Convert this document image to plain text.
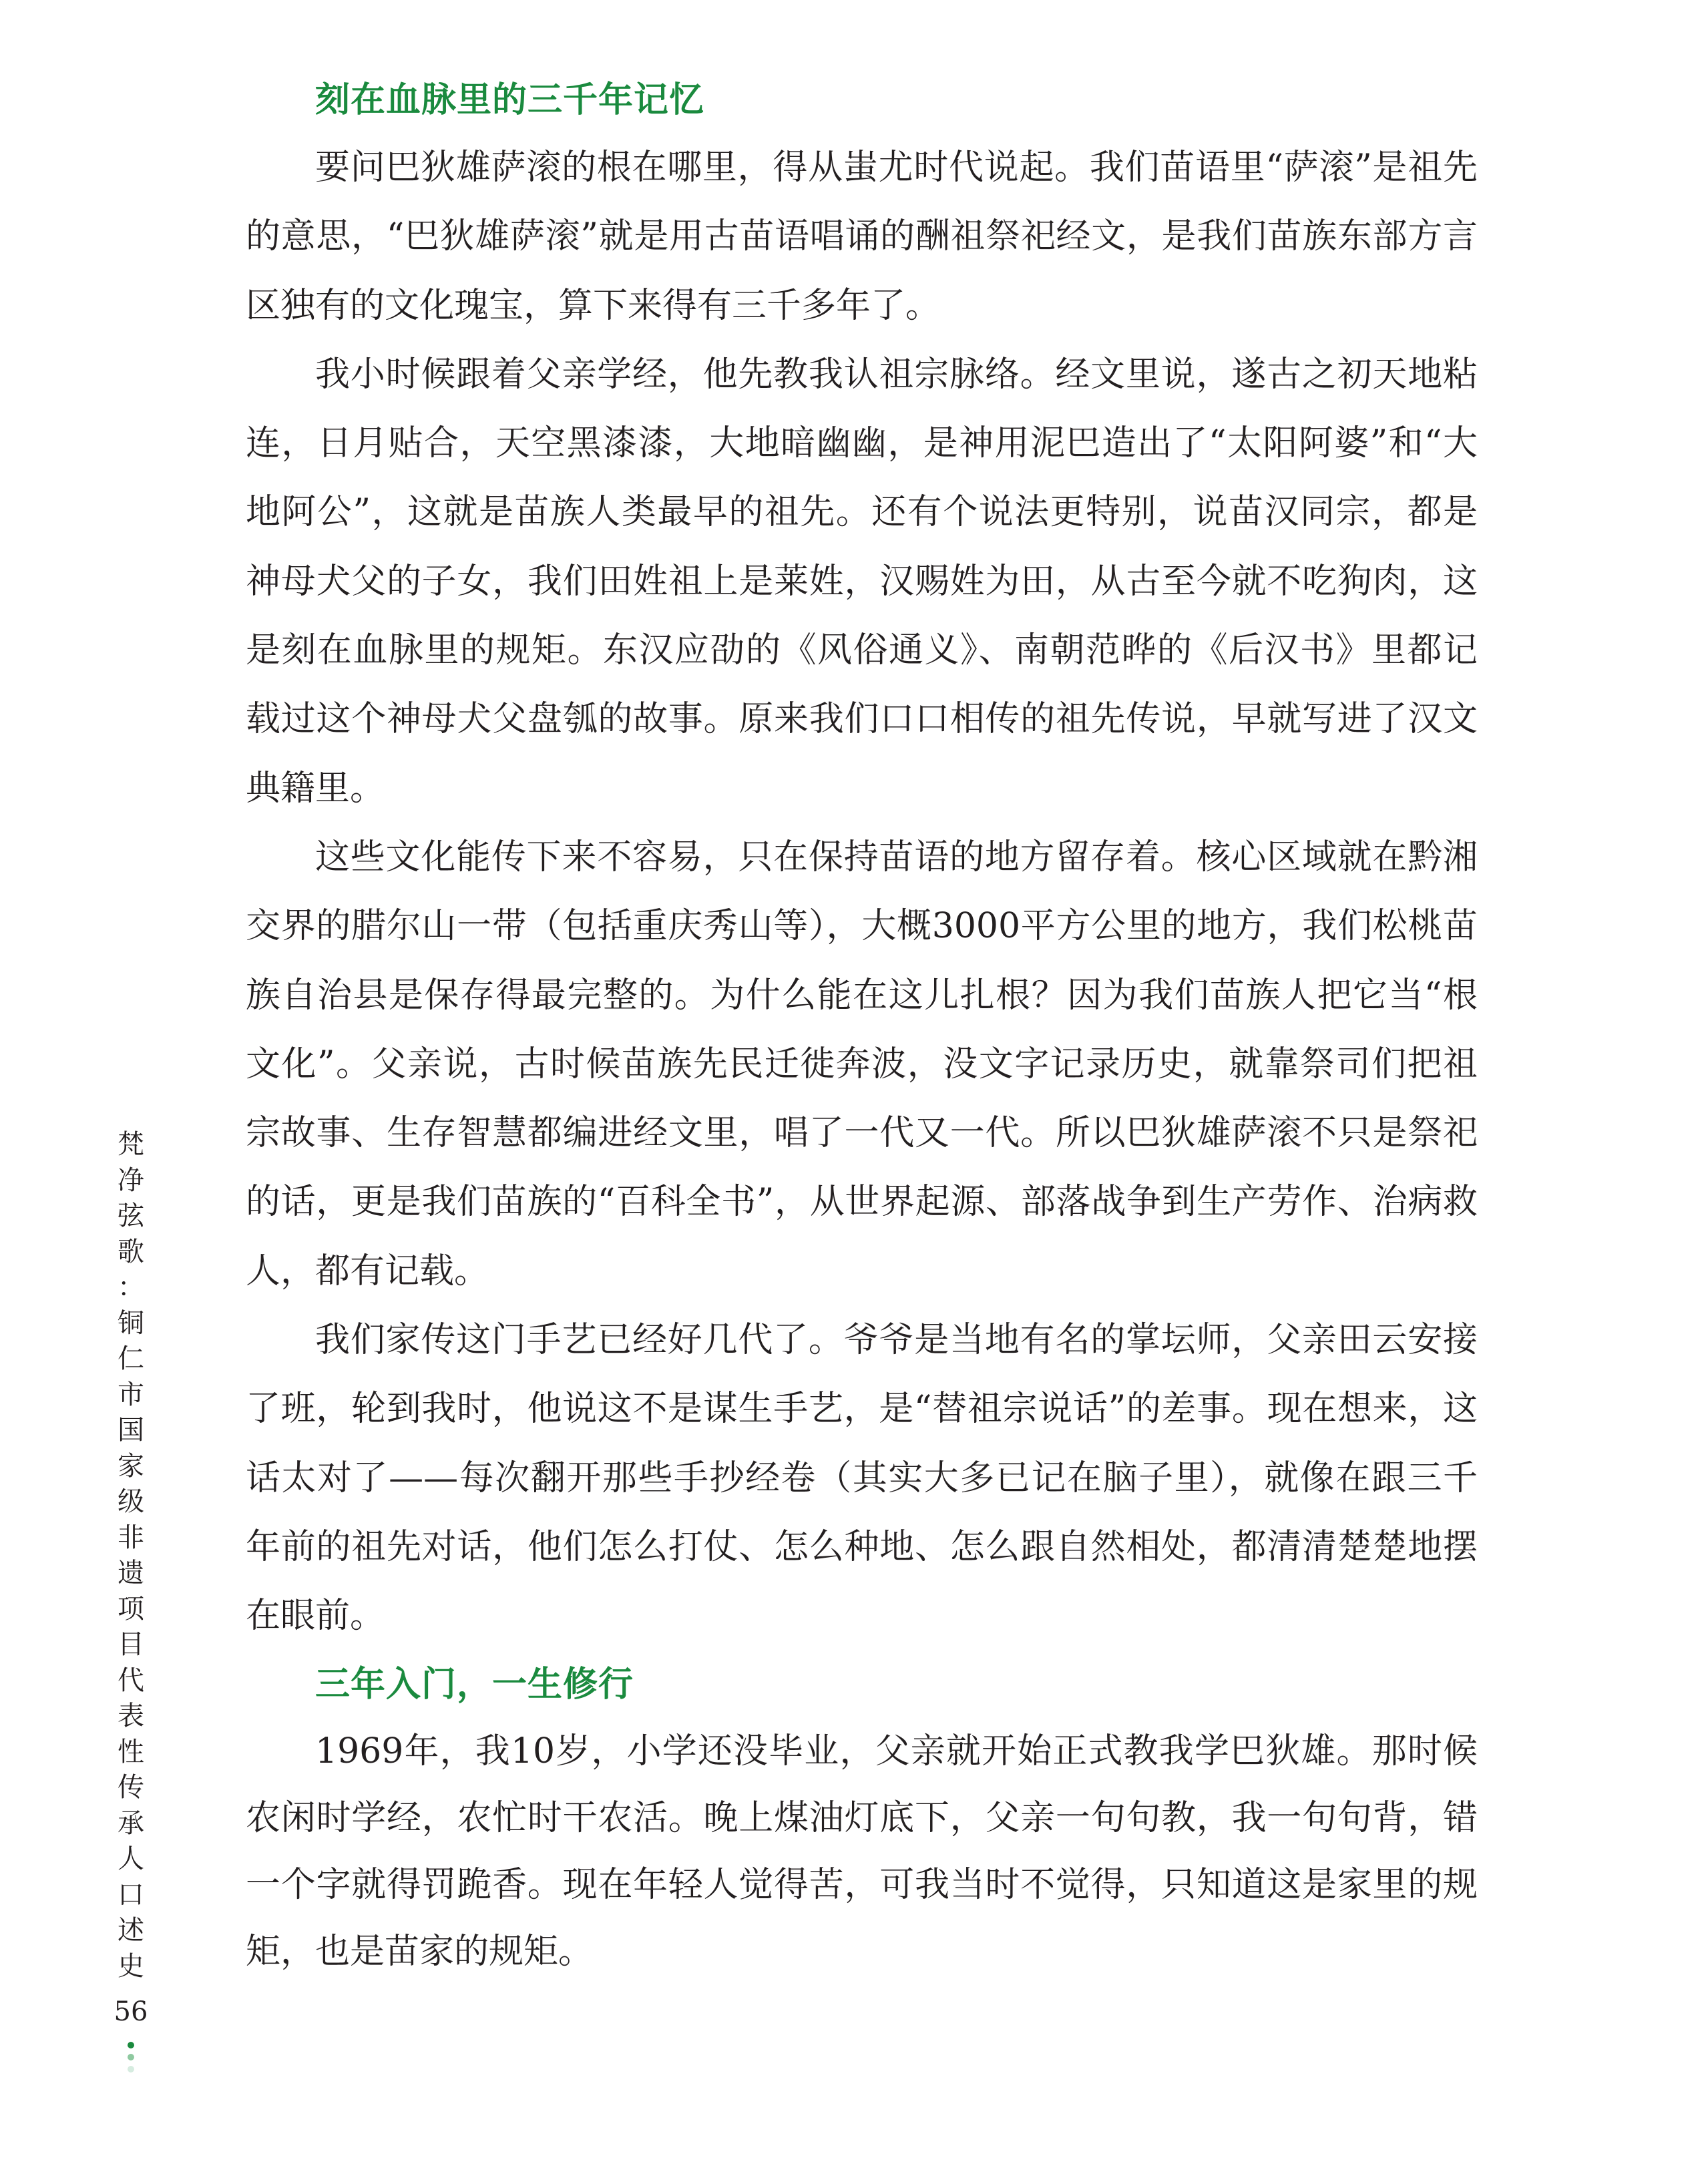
刻在血脉里的三千年记忆

要问巴狄雄萨滚的根在哪里，得从蚩尤时代说起。我们苗语里“萨滚”是祖先的意思，“巴狄雄萨滚”就是用古苗语唱诵的酬祖祭祀经文，是我们苗族东部方言区独有的文化瑰宝，算下来得有三千多年了。

我小时候跟着父亲学经，他先教我认祖宗脉络。经文里说，遂古之初天地粘连，日月贴合，天空黑漆漆，大地暗幽幽，是神用泥巴造出了“太阳阿婆”和“大地阿公”，这就是苗族人类最早的祖先。还有个说法更特别，说苗汉同宗，都是神母犬父的子女，我们田姓祖上是莱姓，汉赐姓为田，从古至今就不吃狗肉，这是刻在血脉里的规矩。东汉应劭的《风俗通义》、南朝范晔的《后汉书》里都记载过这个神母犬父盘瓠的故事。原来我们口口相传的祖先传说，早就写进了汉文典籍里。

这些文化能传下来不容易，只在保持苗语的地方留存着。核心区域就在黔湘交界的腊尔山一带（包括重庆秀山等），大概3000平方公里的地方，我们松桃苗族自治县是保存得最完整的。为什么能在这儿扎根？因为我们苗族人把它当“根文化”。父亲说，古时候苗族先民迁徙奔波，没文字记录历史，就靠祭司们把祖宗故事、生存智慧都编进经文里，唱了一代又一代。所以巴狄雄萨滚不只是祭祀的话，更是我们苗族的“百科全书”，从世界起源、部落战争到生产劳作、治病救人，都有记载。

我们家传这门手艺已经好几代了。爷爷是当地有名的掌坛师，父亲田云安接了班，轮到我时，他说这不是谋生手艺，是“替祖宗说话”的差事。现在想来，这话太对了——每次翻开那些手抄经卷（其实大多已记在脑子里），就像在跟三千年前的祖先对话，他们怎么打仗、怎么种地、怎么跟自然相处，都清清楚楚地摆在眼前。

三年入门，一生修行

1969年，我10岁，小学还没毕业，父亲就开始正式教我学巴狄雄。那时候农闲时学经，农忙时干农活。晚上煤油灯底下，父亲一句句教，我一句句背，错一个字就得罚跪香。现在年轻人觉得苦，可我当时不觉得，只知道这是家里的规矩，也是苗家的规矩。

梵
净
弦
歌
：
铜
仁
市
国
家
级
非
遗
项
目
代
表
性
传
承
人
口
述
史
56
